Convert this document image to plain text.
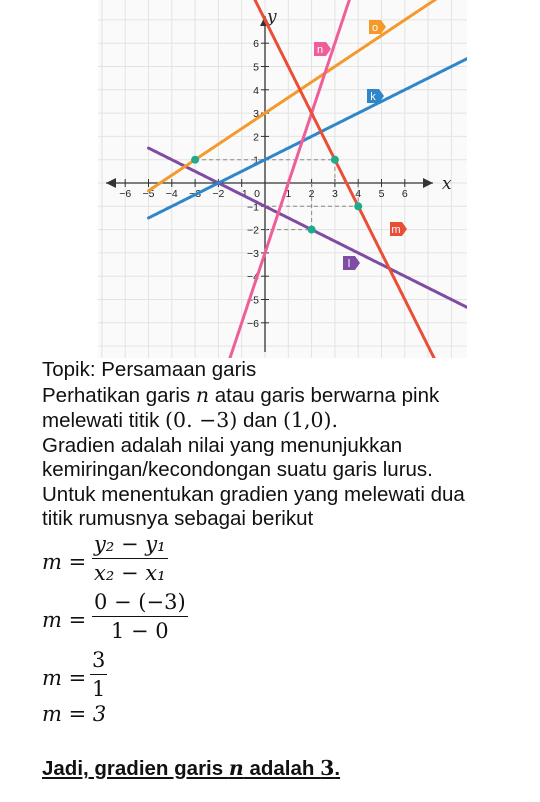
x
y
−6 −5 −4 −3 −2 −1 0 1 2 3 4 5 6
6
5
4
3
2
1
−1
−2
−3
−4
−5
−6
o
n
k
m
l
Topik: Persamaan garis
Perhatikan garis n atau garis berwarna pink
melewati titik (0. −3) dan (1,0).
Gradien adalah nilai yang menunjukkan
kemiringan/kecondongan suatu garis lurus.
Untuk menentukan gradien yang melewati dua
titik rumusnya sebagai berikut
m =
y₂ − y₁
x₂ − x₁
m =
0 − (−3)
1 − 0
m =
3
1
m = 3
Jadi, gradien garis n adalah 3.
